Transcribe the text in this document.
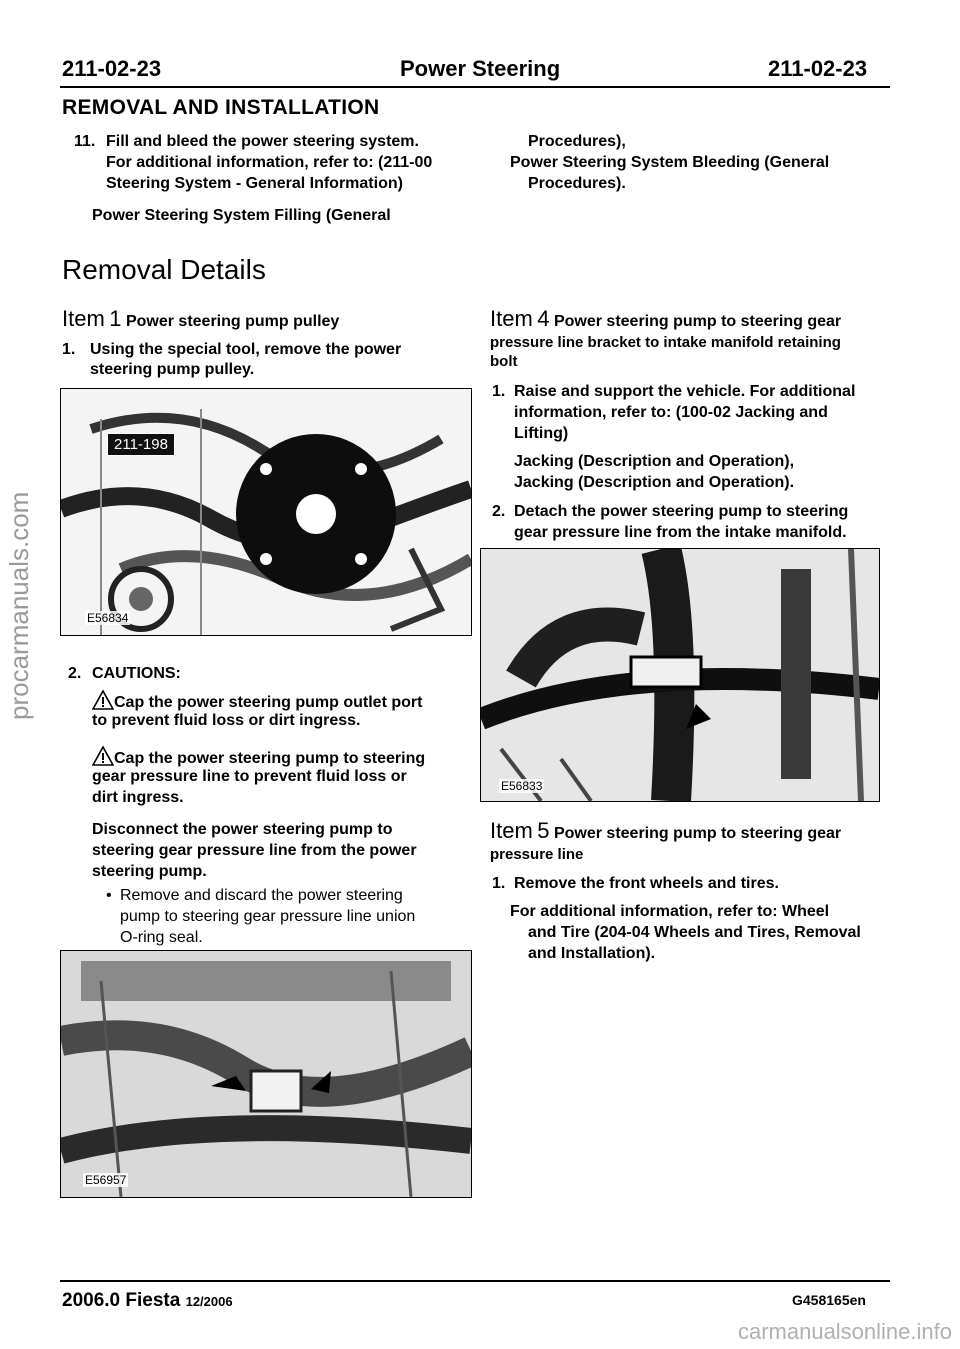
211-02-23	Power Steering	211-02-23
REMOVAL AND INSTALLATION
11. Fill and bleed the power steering system.
For additional information, refer to: (211-00
Steering System - General Information)
Power Steering System Filling (General
Procedures),
Power Steering System Bleeding (General
Procedures).
Removal Details
Item 1 Power steering pump pulley
1. Using the special tool, remove the power
steering pump pulley.
211-198
E56834
2. CAUTIONS:
Cap the power steering pump outlet port
to prevent fluid loss or dirt ingress.
Cap the power steering pump to steering
gear pressure line to prevent fluid loss or
dirt ingress.
Disconnect the power steering pump to
steering gear pressure line from the power
steering pump.
• Remove and discard the power steering
pump to steering gear pressure line union
O-ring seal.
E56957
Item 4 Power steering pump to steering gear
pressure line bracket to intake manifold retaining
bolt
1. Raise and support the vehicle. For additional
information, refer to: (100-02 Jacking and
Lifting)
Jacking (Description and Operation),
Jacking (Description and Operation).
2. Detach the power steering pump to steering
gear pressure line from the intake manifold.
E56833
Item 5 Power steering pump to steering gear
pressure line
1. Remove the front wheels and tires.
For additional information, refer to: Wheel
and Tire (204-04 Wheels and Tires, Removal
and Installation).
2006.0 Fiesta 12/2006	G458165en
procarmanuals.com
carmanualsonline.info
